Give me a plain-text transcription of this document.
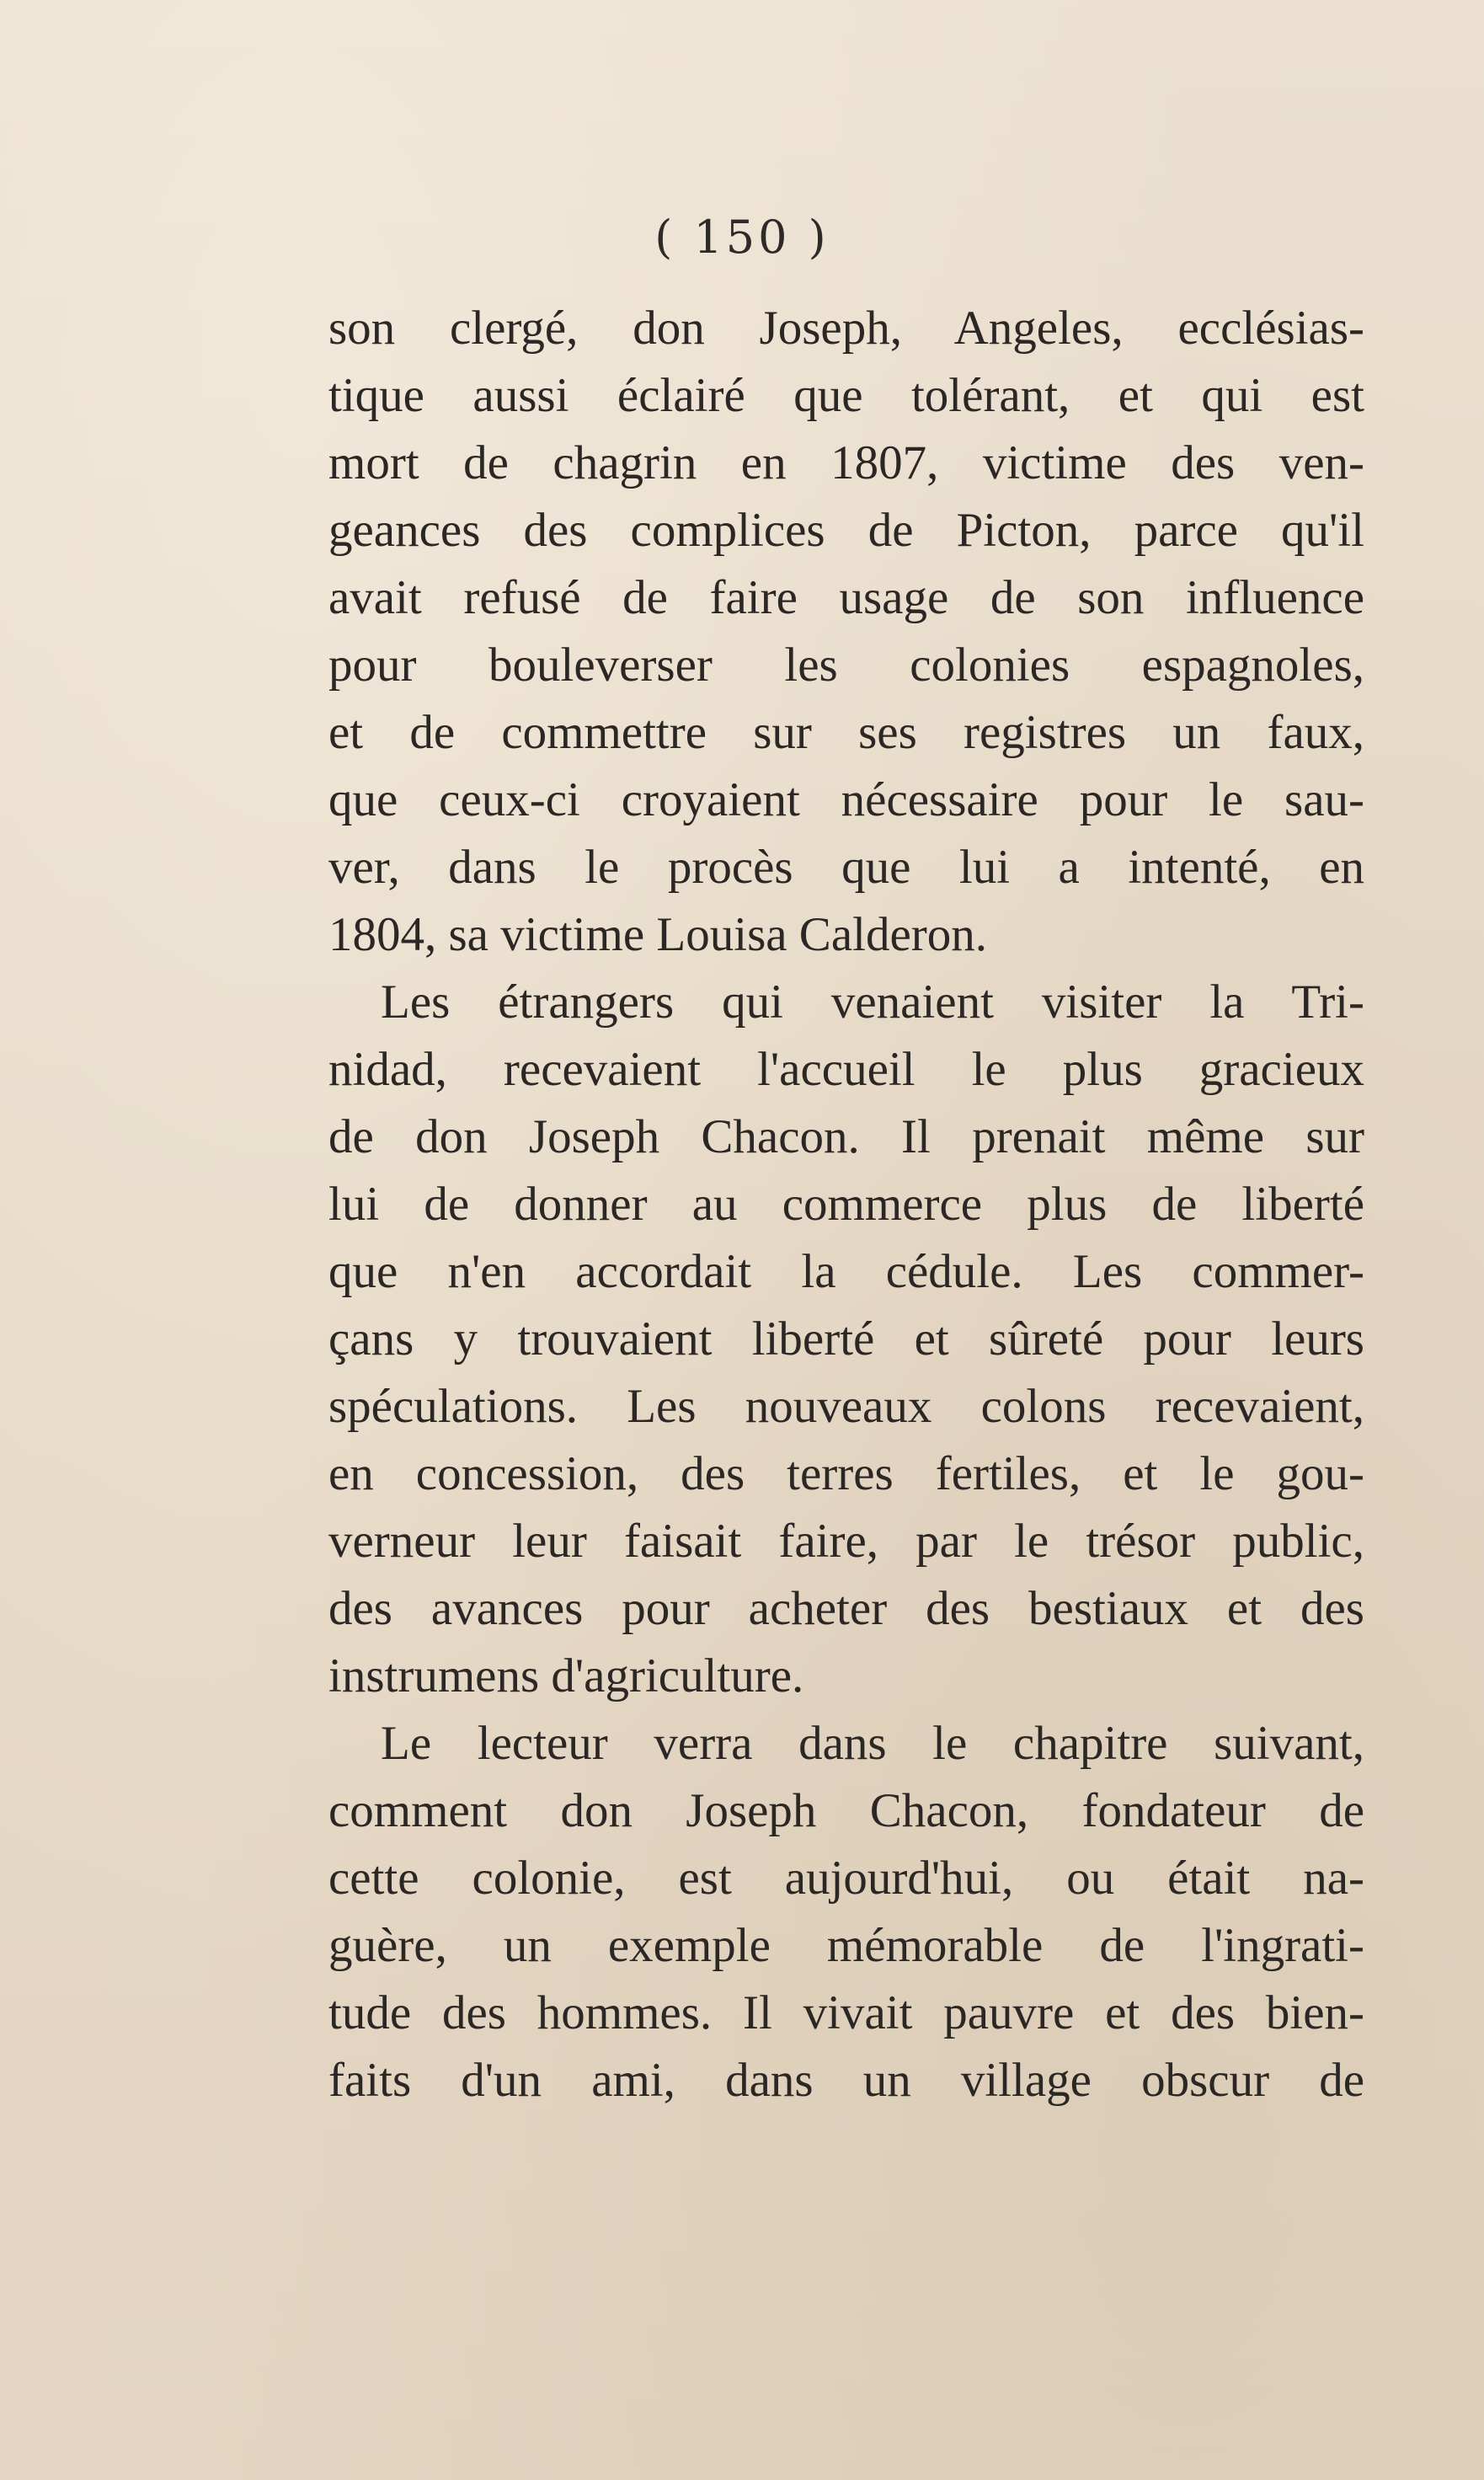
( 150 )
son clergé, don Joseph, Angeles, ecclésias-
tique aussi éclairé que tolérant, et qui est
mort de chagrin en 1807, victime des ven-
geances des complices de Picton, parce qu'il
avait refusé de faire usage de son influence
pour bouleverser les colonies espagnoles,
et de commettre sur ses registres un faux,
que ceux-ci croyaient nécessaire pour le sau-
ver, dans le procès que lui a intenté, en
1804, sa victime Louisa Calderon.
Les étrangers qui venaient visiter la Tri-
nidad, recevaient l'accueil le plus gracieux
de don Joseph Chacon. Il prenait même sur
lui de donner au commerce plus de liberté
que n'en accordait la cédule. Les commer-
çans y trouvaient liberté et sûreté pour leurs
spéculations. Les nouveaux colons recevaient,
en concession, des terres fertiles, et le gou-
verneur leur faisait faire, par le trésor public,
des avances pour acheter des bestiaux et des
instrumens d'agriculture.
Le lecteur verra dans le chapitre suivant,
comment don Joseph Chacon, fondateur de
cette colonie, est aujourd'hui, ou était na-
guère, un exemple mémorable de l'ingrati-
tude des hommes. Il vivait pauvre et des bien-
faits d'un ami, dans un village obscur de
